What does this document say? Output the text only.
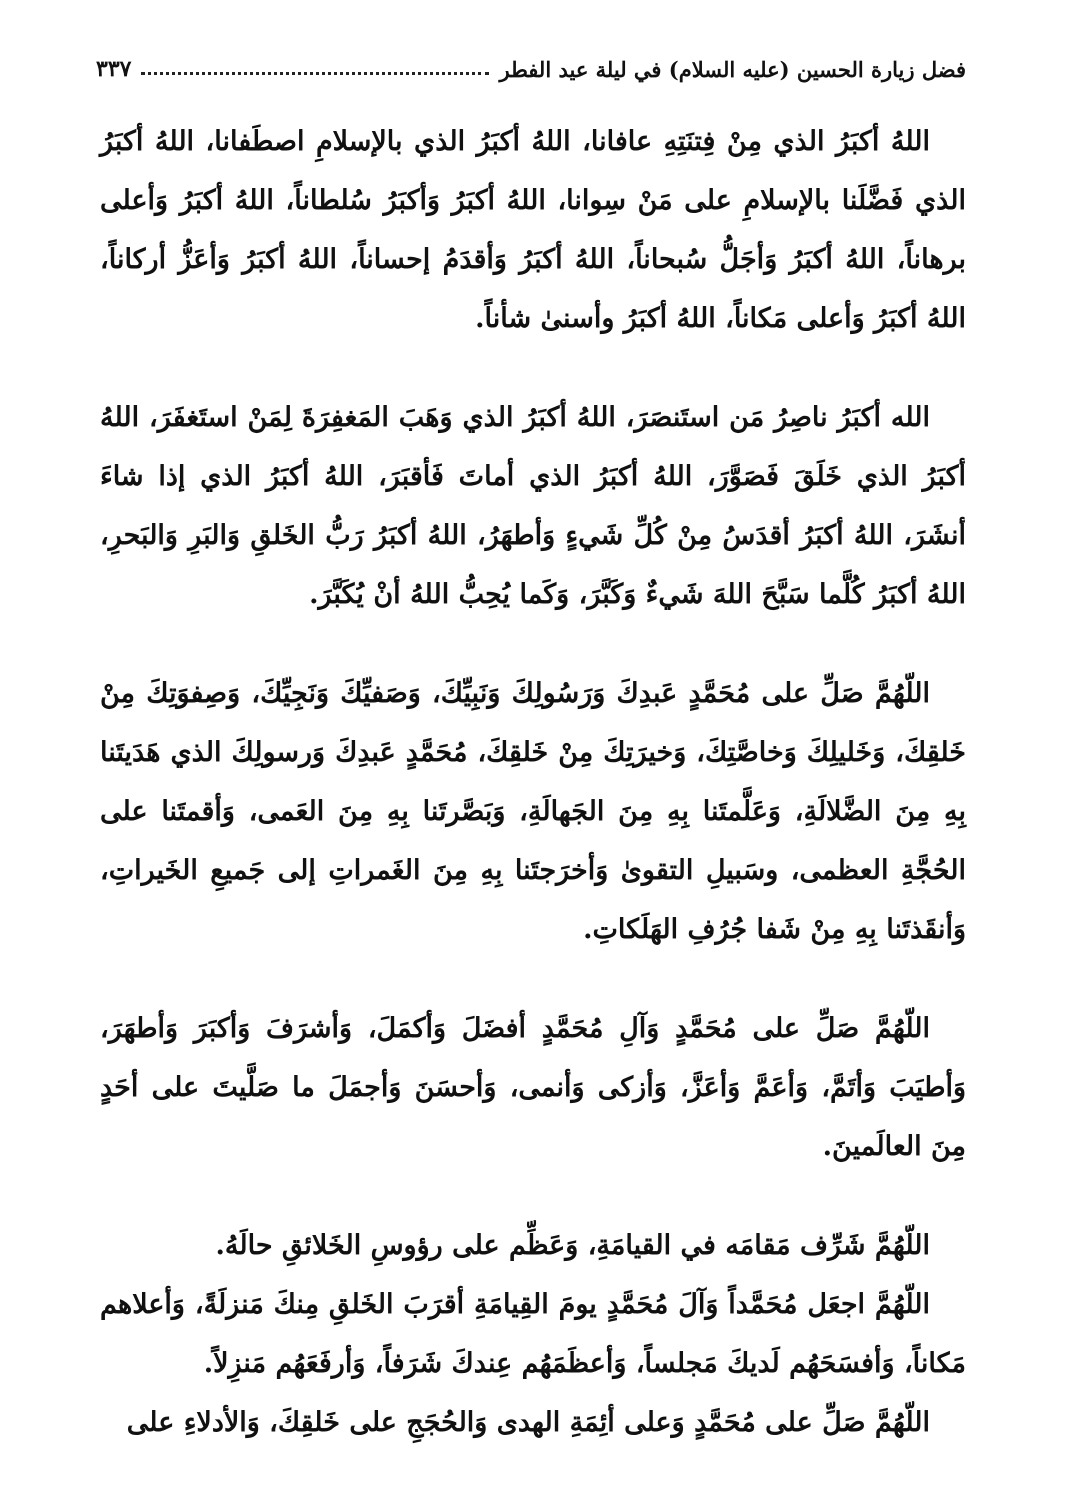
فضل زيارة الحسين (عليه السلام) في ليلة عيد الفطر
٣٣٧

اللهُ أكبَرُ الذي مِنْ فِتنَتِهِ عافانا، اللهُ أكبَرُ الذي بالإسلامِ اصطَفانا، اللهُ أكبَرُ الذي فَضَّلَنا بالإسلامِ على مَنْ سِوانا، اللهُ أكبَرُ وَأكبَرُ سُلطاناً، اللهُ أكبَرُ وَأعلى برهاناً، اللهُ أكبَرُ وَأجَلُّ سُبحاناً، اللهُ أكبَرُ وَأقدَمُ إحساناً، اللهُ أكبَرُ وَأعَزُّ أركاناً، اللهُ أكبَرُ وَأعلى مَكاناً، اللهُ أكبَرُ وأسنىٰ شأناً.

الله أكبَرُ ناصِرُ مَن استَنصَرَ، اللهُ أكبَرُ الذي وَهَبَ المَغفِرَةَ لِمَنْ استَغفَرَ، اللهُ أكبَرُ الذي خَلَقَ فَصَوَّرَ، اللهُ أكبَرُ الذي أماتَ فَأقبَرَ، اللهُ أكبَرُ الذي إذا شاءَ أنشَرَ، اللهُ أكبَرُ أقدَسُ مِنْ كُلِّ شَيءٍ وَأطهَرُ، اللهُ أكبَرُ رَبُّ الخَلقِ وَالبَرِ وَالبَحرِ، اللهُ أكبَرُ كُلَّما سَبَّحَ اللهَ شَيءٌ وَكَبَّرَ، وَكَما يُحِبُّ اللهُ أنْ يُكَبَّرَ.

اللّهُمَّ صَلِّ على مُحَمَّدٍ عَبدِكَ وَرَسُولِكَ وَنَبِيِّكَ، وَصَفيِّكَ وَنَجِيِّكَ، وَصِفوَتِكَ مِنْ خَلقِكَ، وَخَليلِكَ وَخاصَّتِكَ، وَخيرَتِكَ مِنْ خَلقِكَ، مُحَمَّدٍ عَبدِكَ وَرسولِكَ الذي هَدَيتَنا بِهِ مِنَ الضَّلالَةِ، وَعَلَّمتَنا بِهِ مِنَ الجَهالَةِ، وَبَصَّرتَنا بِهِ مِنَ العَمى، وَأقمتَنا على الحُجَّةِ العظمى، وسَبيلِ التقوىٰ وَأخرَجتَنا بِهِ مِنَ الغَمراتِ إلى جَميعِ الخَيراتِ، وَأنقَذتَنا بِهِ مِنْ شَفا جُرُفِ الهَلَكاتِ.

اللّهُمَّ صَلِّ على مُحَمَّدٍ وَآلِ مُحَمَّدٍ أفضَلَ وَأكمَلَ، وَأشرَفَ وَأكبَرَ وَأطهَرَ، وَأطيَبَ وَأتَمَّ، وَأعَمَّ وَأعَزَّ، وَأزكى وَأنمى، وَأحسَنَ وَأجمَلَ ما صَلَّيتَ على أحَدٍ مِنَ العالَمينَ.

اللّهُمَّ شَرِّف مَقامَه في القيامَةِ، وَعَظِّم على رؤوسِ الخَلائقِ حالَهُ.

اللّهُمَّ اجعَل مُحَمَّداً وَآلَ مُحَمَّدٍ يومَ القِيامَةِ أقرَبَ الخَلقِ مِنكَ مَنزلَةً، وَأعلاهم مَكاناً، وَأفسَحَهُم لَديكَ مَجلساً، وَأعظَمَهُم عِندكَ شَرَفاً، وَأرفَعَهُم مَنزِلاً.

اللّهُمَّ صَلِّ على مُحَمَّدٍ وَعلى أئِمَةِ الهدى وَالحُجَجِ على خَلقِكَ، وَالأدلاءِ على
